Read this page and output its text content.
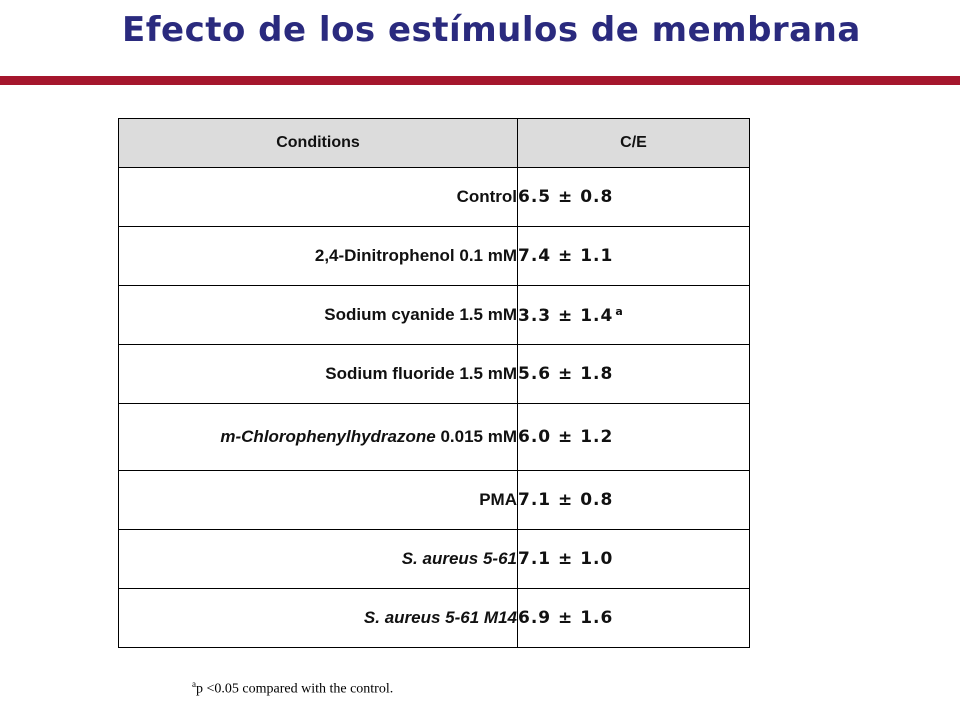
Efecto de los estímulos de membrana
Conditions	C/E
Control	6.5 ± 0.8
2,4-Dinitrophenol 0.1 mM	7.4 ± 1.1
Sodium cyanide 1.5 mM	3.3 ± 1.4 $^a$
Sodium fluoride 1.5 mM	5.6 ± 1.8
m-Chlorophenylhydrazone 0.015 mM	6.0 ± 1.2
PMA	7.1 ± 0.8
S. aureus 5-61	7.1 ± 1.0
S. aureus 5-61 M14	6.9 ± 1.6
$^a$p <0.05 compared with the control.
